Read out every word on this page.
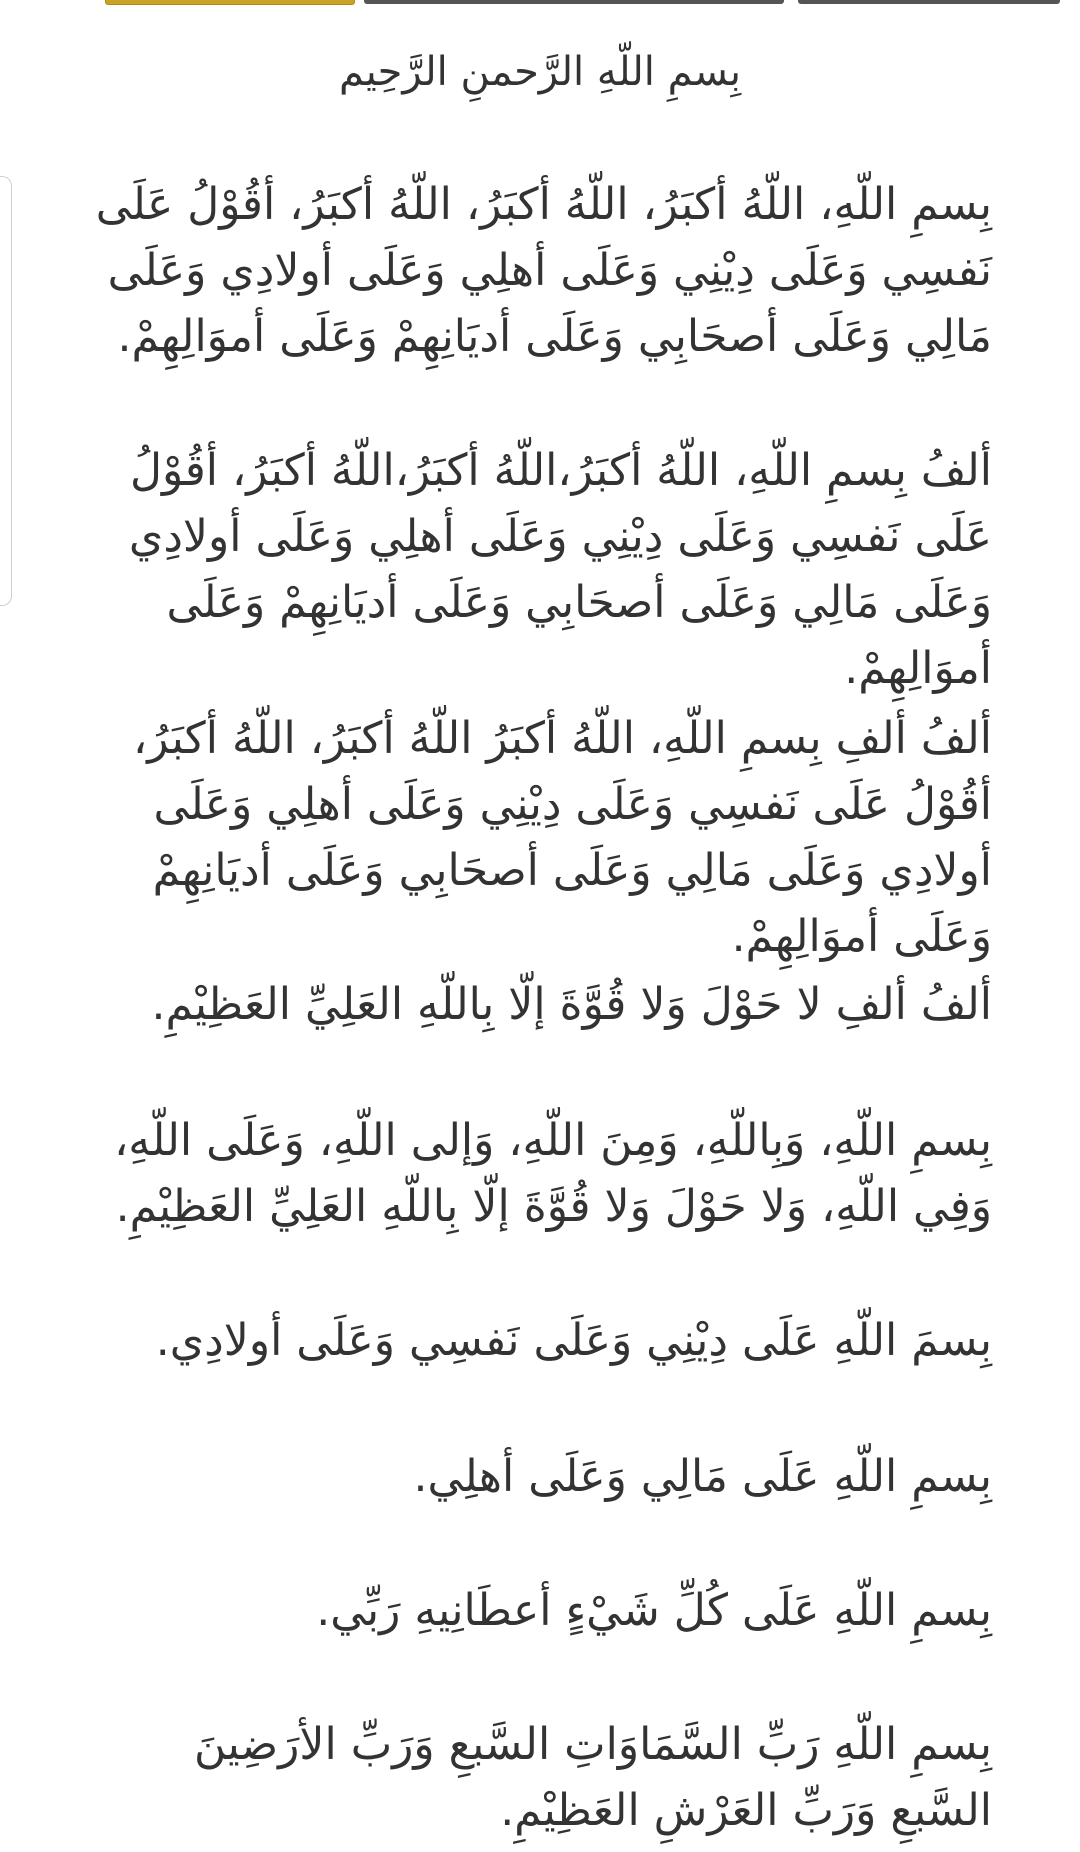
بِسمِ اللّهِ الرَّحمنِ الرَّحِيم

بِسمِ اللّهِ، اللّهُ أكبَرُ، اللّهُ أكبَرُ، اللّهُ أكبَرُ، أقُوْلُ عَلَى نَفسِي وَعَلَى دِيْنِي وَعَلَى أهلِي وَعَلَى أولادِي وَعَلَى مَالِي وَعَلَى أصحَابِي وَعَلَى أديَانِهِمْ وَعَلَى أموَالِهِمْ.

ألفُ بِسمِ اللّهِ، اللّهُ أكبَرُ،اللّهُ أكبَرُ،اللّهُ أكبَرُ، أقُوْلُ عَلَى نَفسِي وَعَلَى دِيْنِي وَعَلَى أهلِي وَعَلَى أولادِي وَعَلَى مَالِي وَعَلَى أصحَابِي وَعَلَى أديَانِهِمْ وَعَلَى أموَالِهِمْ.

ألفُ ألفِ بِسمِ اللّهِ، اللّهُ أكبَرُ اللّهُ أكبَرُ، اللّهُ أكبَرُ، أقُوْلُ عَلَى نَفسِي وَعَلَى دِيْنِي وَعَلَى أهلِي وَعَلَى أولادِي وَعَلَى مَالِي وَعَلَى أصحَابِي وَعَلَى أديَانِهِمْ وَعَلَى أموَالِهِمْ.

ألفُ ألفِ لا حَوْلَ وَلا قُوَّةَ إلّا بِاللّهِ العَلِيِّ العَظِيْمِ.

بِسمِ اللّهِ، وَبِاللّهِ، وَمِنَ اللّهِ، وَإلى اللّهِ، وَعَلَى اللّهِ، وَفِي اللّهِ، وَلا حَوْلَ وَلا قُوَّةَ إلّا بِاللّهِ العَلِيِّ العَظِيْمِ.

بِسمَ اللّهِ عَلَى دِيْنِي وَعَلَى نَفسِي وَعَلَى أولادِي.

بِسمِ اللّهِ عَلَى مَالِي وَعَلَى أهلِي.

بِسمِ اللّهِ عَلَى كُلِّ شَيْءٍ أعطَانِيهِ رَبِّي.

بِسمِ اللّهِ رَبِّ السَّمَاوَاتِ السَّبعِ وَرَبِّ الأرَضِينَ السَّبعِ وَرَبِّ العَرْشِ العَظِيْمِ.
